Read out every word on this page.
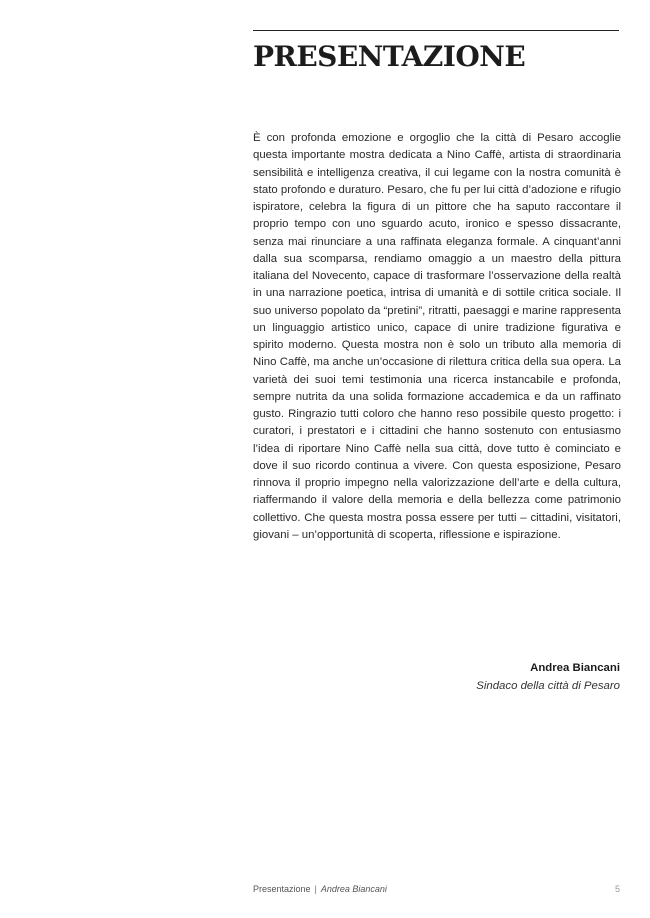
PRESENTAZIONE

È con profonda emozione e orgoglio che la città di Pesaro accoglie questa importante mostra dedicata a Nino Caffè, artista di straordinaria sensibilità e intelligenza creativa, il cui legame con la nostra comunità è stato profondo e duraturo. Pesaro, che fu per lui città d’adozione e rifugio ispiratore, celebra la figura di un pittore che ha saputo raccontare il proprio tempo con uno sguardo acuto, ironico e spesso dissacrante, senza mai rinunciare a una raffinata eleganza formale. A cinquant’anni dalla sua scomparsa, rendiamo omaggio a un maestro della pittura italiana del Novecento, capace di trasformare l’osservazione della realtà in una narrazione poetica, intrisa di umanità e di sottile critica sociale. Il suo universo popolato da “pretini”, ritratti, paesaggi e marine rappresenta un linguaggio artistico unico, capace di unire tradizione figurativa e spirito moderno. Questa mostra non è solo un tributo alla memoria di Nino Caffè, ma anche un’occasione di rilettura critica della sua opera. La varietà dei suoi temi testimonia una ricerca instancabile e profonda, sempre nutrita da una solida formazione accademica e da un raffinato gusto. Ringrazio tutti coloro che hanno reso possibile questo progetto: i curatori, i prestatori e i cittadini che hanno sostenuto con entusiasmo l’idea di riportare Nino Caffè nella sua città, dove tutto è cominciato e dove il suo ricordo continua a vivere. Con questa esposizione, Pesaro rinnova il proprio impegno nella valorizzazione dell’arte e della cultura, riaffermando il valore della memoria e della bellezza come patrimonio collettivo. Che questa mostra possa essere per tutti – cittadini, visitatori, giovani – un’opportunità di scoperta, riflessione e ispirazione.

Andrea Biancani
Sindaco della città di Pesaro
Presentazione | Andrea Biancani	5
